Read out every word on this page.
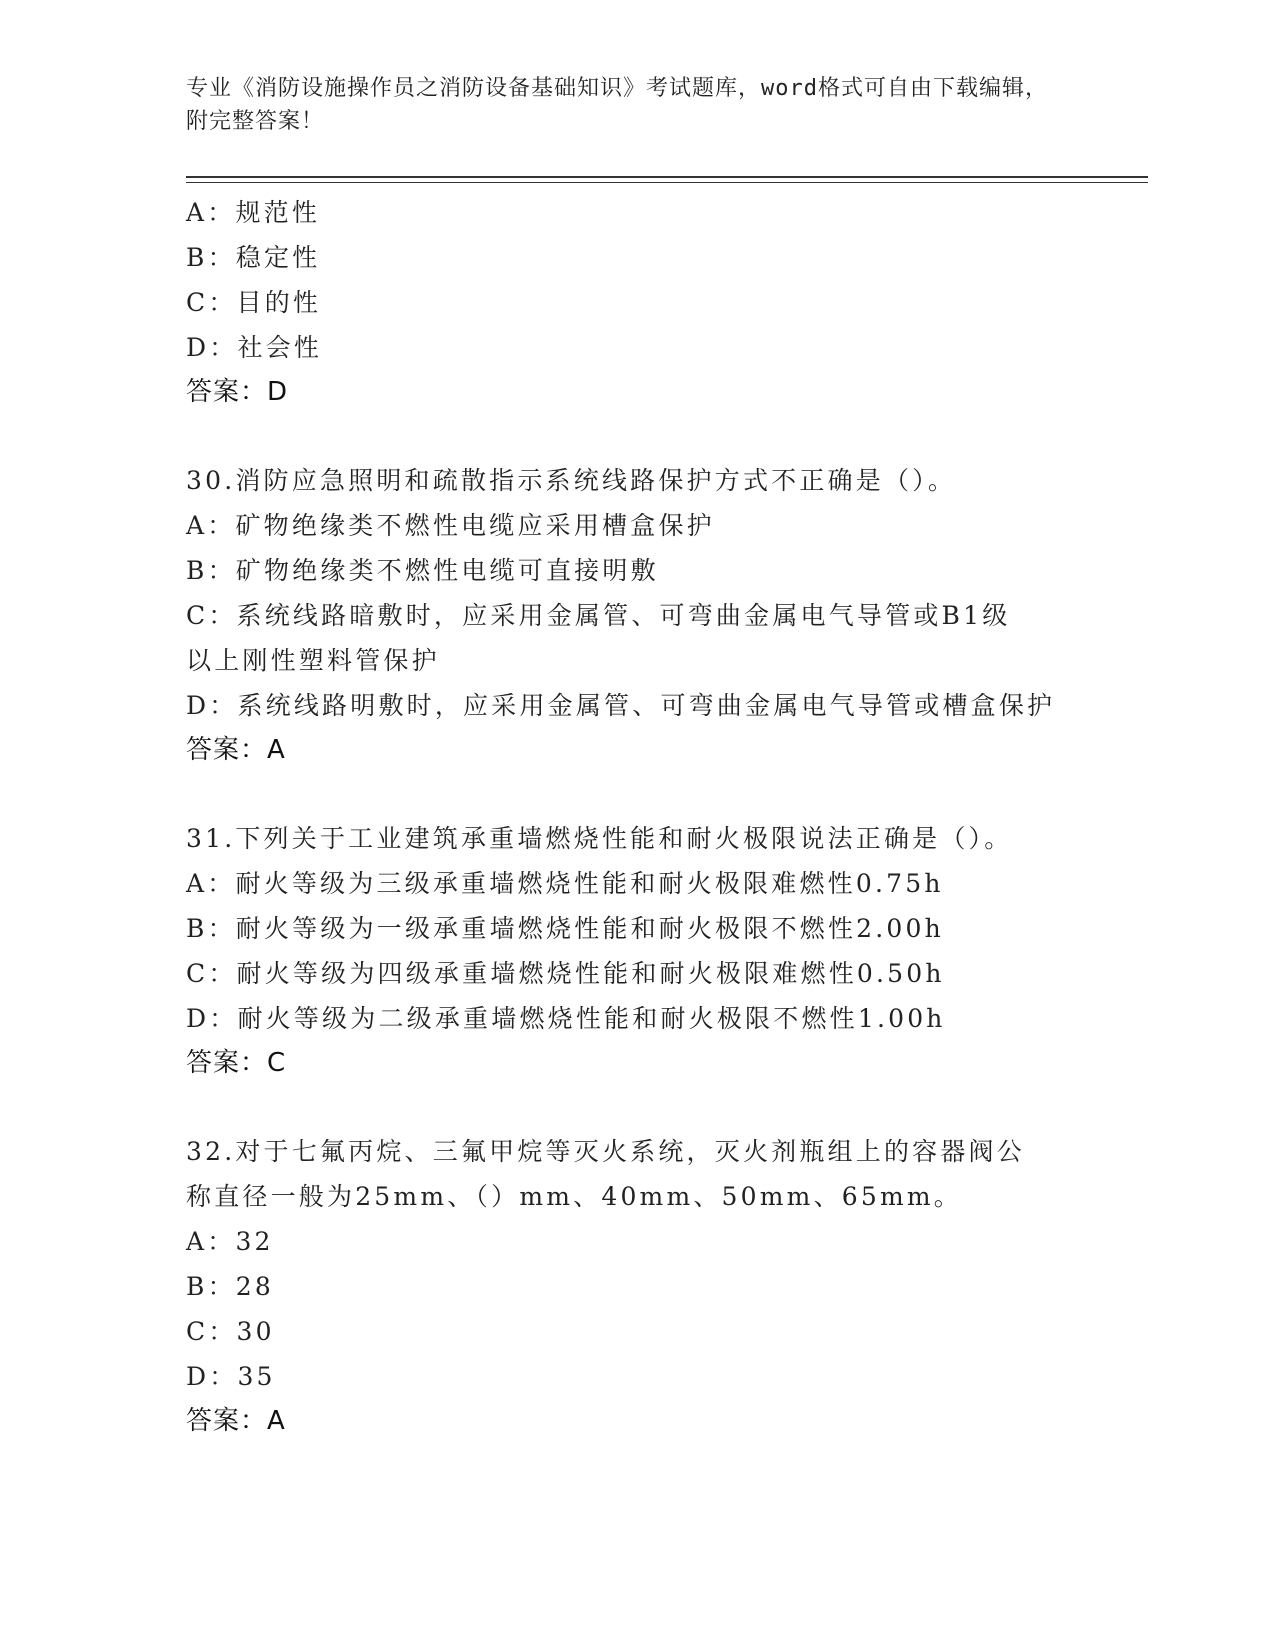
专业《消防设施操作员之消防设备基础知识》考试题库，word格式可自由下载编辑，附完整答案！
A：规范性
B：稳定性
C：目的性
D：社会性
答案：D
30.消防应急照明和疏散指示系统线路保护方式不正确是（）。
A：矿物绝缘类不燃性电缆应采用槽盒保护
B：矿物绝缘类不燃性电缆可直接明敷
C：系统线路暗敷时，应采用金属管、可弯曲金属电气导管或B1级以上刚性塑料管保护
D：系统线路明敷时，应采用金属管、可弯曲金属电气导管或槽盒保护
答案：A
31.下列关于工业建筑承重墙燃烧性能和耐火极限说法正确是（）。
A：耐火等级为三级承重墙燃烧性能和耐火极限难燃性0.75h
B：耐火等级为一级承重墙燃烧性能和耐火极限不燃性2.00h
C：耐火等级为四级承重墙燃烧性能和耐火极限难燃性0.50h
D：耐火等级为二级承重墙燃烧性能和耐火极限不燃性1.00h
答案：C
32.对于七氟丙烷、三氟甲烷等灭火系统，灭火剂瓶组上的容器阀公称直径一般为25mm、（）mm、40mm、50mm、65mm。
A：32
B：28
C：30
D：35
答案：A
